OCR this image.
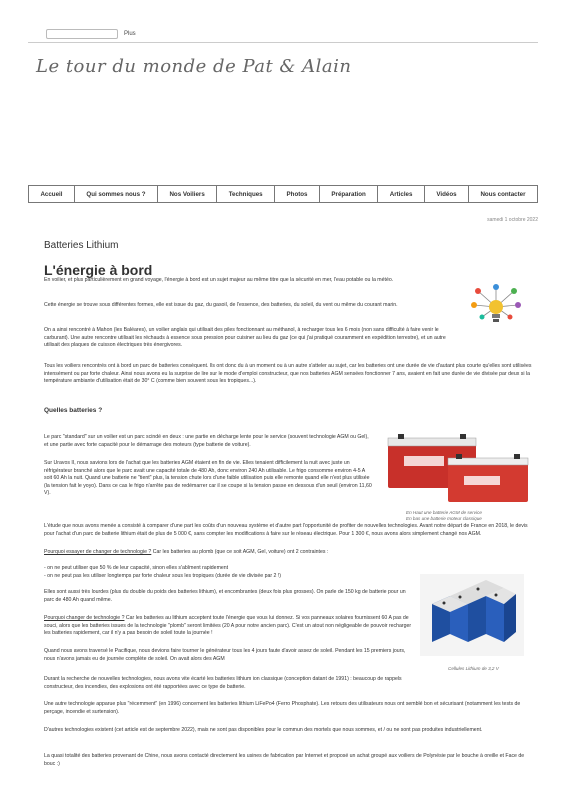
Plus
Le tour du monde de Pat & Alain
Accueil	Qui sommes nous ?	Nos Voiliers	Techniques	Photos	Préparation	Articles	Vidéos	Nous contacter
samedi 1 octobre 2022
Batteries Lithium
L'énergie à bord
En voilier, et plus particulièrement en grand voyage, l'énergie à bord est un sujet majeur au même titre que la sécurité en mer, l'eau potable ou la météo.
Cette énergie se trouve sous différentes formes, elle est issue du gaz, du gasoil, de l'essence, des batteries, du soleil, du vent ou même du courant marin.
On a ainsi rencontré à Mahon (les Baléares), un voilier anglais qui utilisait des piles fonctionnant au méthanol, à recharger tous les 6 mois (non sans difficulté à faire venir le carburant). Une autre rencontre utilisait les réchauds à essence sous pression pour cuisiner au lieu du gaz (ce qui j'ai pratiqué couramment en expédition terrestre), et un autre utilisait des plaques de cuisson électriques très énergivores.
Tous les voiliers rencontrés ont à bord un parc de batteries conséquent. Ils ont donc du à un moment ou à un autre s'atteler au sujet, car les batteries ont une durée de vie d'autant plus courte qu'elles sont utilisées intensément ou par forte chaleur. Ainsi nous avons eu la surprise de lire sur le mode d'emploi constructeur, que nos batteries AGM sensées fonctionner 7 ans, avaient en fait une durée de vie divisée par deux si la température ambiante d'utilisation était de 30° C (comme bien souvent sous les tropiques...).
Quelles batteries ?
Le parc "standard" sur un voilier est un parc scindé en deux : une partie en décharge lente pour le service (souvent technologie AGM ou Gel), et une partie avec forte capacité pour le démarrage des moteurs (type batterie de voiture).
Sur Uravos II, nous savions lors de l'achat que les batteries AGM étaient en fin de vie. Elles tenaient difficilement la nuit avec juste un réfrigérateur branché alors que le parc avait une capacité totale de 480 Ah, donc environ 240 Ah utilisable. Le frigo consomme environ 4-5 A soit 60 Ah la nuit. Quand une batterie ne "tient" plus, la tension chute lors d'une faible utilisation puis elle remonte quand elle n'est plus utilisée (la tension fait le yoyo). Dans ce cas le frigo n'arrête pas de redémarrer car il se coupe si la tension passe en dessous d'un seuil (environ 11,60 V).
En Haut une batterie AGM de service
En bas une batterie moteur classique
L'étude que nous avons menée a consisté à comparer d'une part les coûts d'un nouveau système et d'autre part l'opportunité de profiter de nouvelles technologies. Avant notre départ de France en 2018, le devis pour l'achat d'un parc de batterie lithium était de plus de 5 000 €, sans compter les modifications à faire sur le réseau électrique. Pour 1 300 €, nous avons alors simplement changé nos AGM.
Pourquoi essayer de changer de technologie ? Car les batteries au plomb (que ce soit AGM, Gel, voiture) ont 2 contraintes :
- on ne peut utiliser que 50 % de leur capacité, sinon elles s'abîment rapidement
- on ne peut pas les utiliser longtemps par forte chaleur sous les tropiques (durée de vie divisée par 2 !)
Elles sont aussi très lourdes (plus du double du poids des batteries lithium), et encombrantes (deux fois plus grosses). On parle de 150 kg de batterie pour un parc de 480 Ah quand même.
Pourquoi changer de technologie ? Car les batteries au lithium acceptent toute l'énergie que vous lui donnez. Si vos panneaux solaires fournissent 60 A pas de souci, alors que les batteries issues de la technologie "plomb" seront limitées (20 A pour notre ancien parc). C'est un atout non négligeable de pouvoir recharger les batteries rapidement, car il n'y a pas besoin de soleil toute la journée !
Cellules Lithium de 3,2 V
Quand nous avons traversé le Pacifique, nous devions faire tourner le générateur tous les 4 jours faute d'avoir assez de soleil. Pendant les 15 premiers jours, nous n'avons jamais eu de journée complète de soleil. On avait alors des AGM
Durant la recherche de nouvelles technologies, nous avons vite écarté les batteries lithium ion classique (conception datant de 1991) : beaucoup de rappels constructeur, des incendies, des explosions ont été rapportées avec ce type de batterie.
Une autre technologie apparue plus "récemment" (en 1996) concernent les batteries lithium LiFePo4 (Ferro Phosphate). Les retours des utilisateurs nous ont semblé bon et sécurisant (notamment les tests de perçage, incendie et surtension).
D'autres technologies existent (cet article est de septembre 2022), mais ne sont pas disponibles pour le commun des mortels que nous sommes, et / ou ne sont pas produites industriellement.
La quasi totalité des batteries provenant de Chine, nous avons contacté directement les usines de fabrication par Internet et proposé un achat groupé aux voiliers de Polynésie par le bouche à oreille et Face de bouc :)
